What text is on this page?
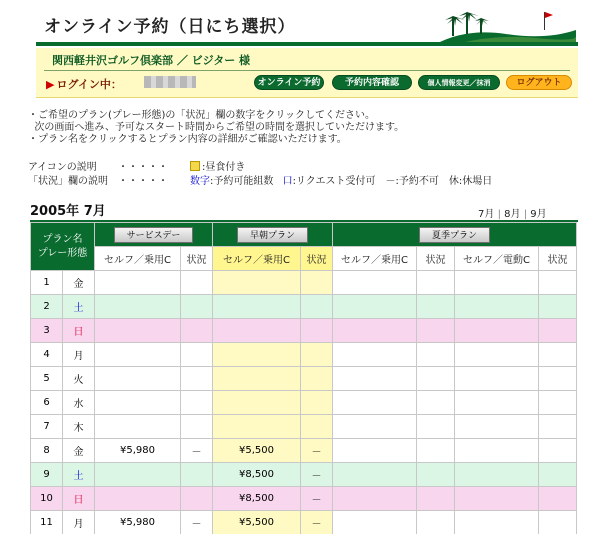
オンライン予約（日にち選択）
関西軽井沢ゴルフ倶楽部 ／ ビジター 様
▶ ログイン中：	オンライン予約	予約内容確認	個人情報変更／抹消	ログアウト
・ご希望のプラン(プレー形態)の「状況」欄の数字をクリックしてください。
次の画面へ進み、予可なスタート時間からご希望の時間を選択していただけます。
・プラン名をクリックするとプラン内容の詳細がご確認いただけます。
アイコンの説明 ・・・・・	:昼食付き
「状況」欄の説明 ・・・・・ 数字:予約可能組数 口:リクエスト受付可　－:予約不可　休:休場日
2005年 7月	7月 | 8月 | 9月
プラン名
プレー形態		サービスデー		早朝プラン		夏季プラン			
		セルフ／乗用C	状況	セルフ／乗用C	状況	セルフ／乗用C	状況	セルフ／電動C	状況
1	金								
2	土								
3	日								
4	月								
5	火								
6	水								
7	木								
8	金	¥5,980	－	¥5,500	－				
9	土			¥8,500	－				
10	日			¥8,500	－				
11	月	¥5,980	－	¥5,500	－				
